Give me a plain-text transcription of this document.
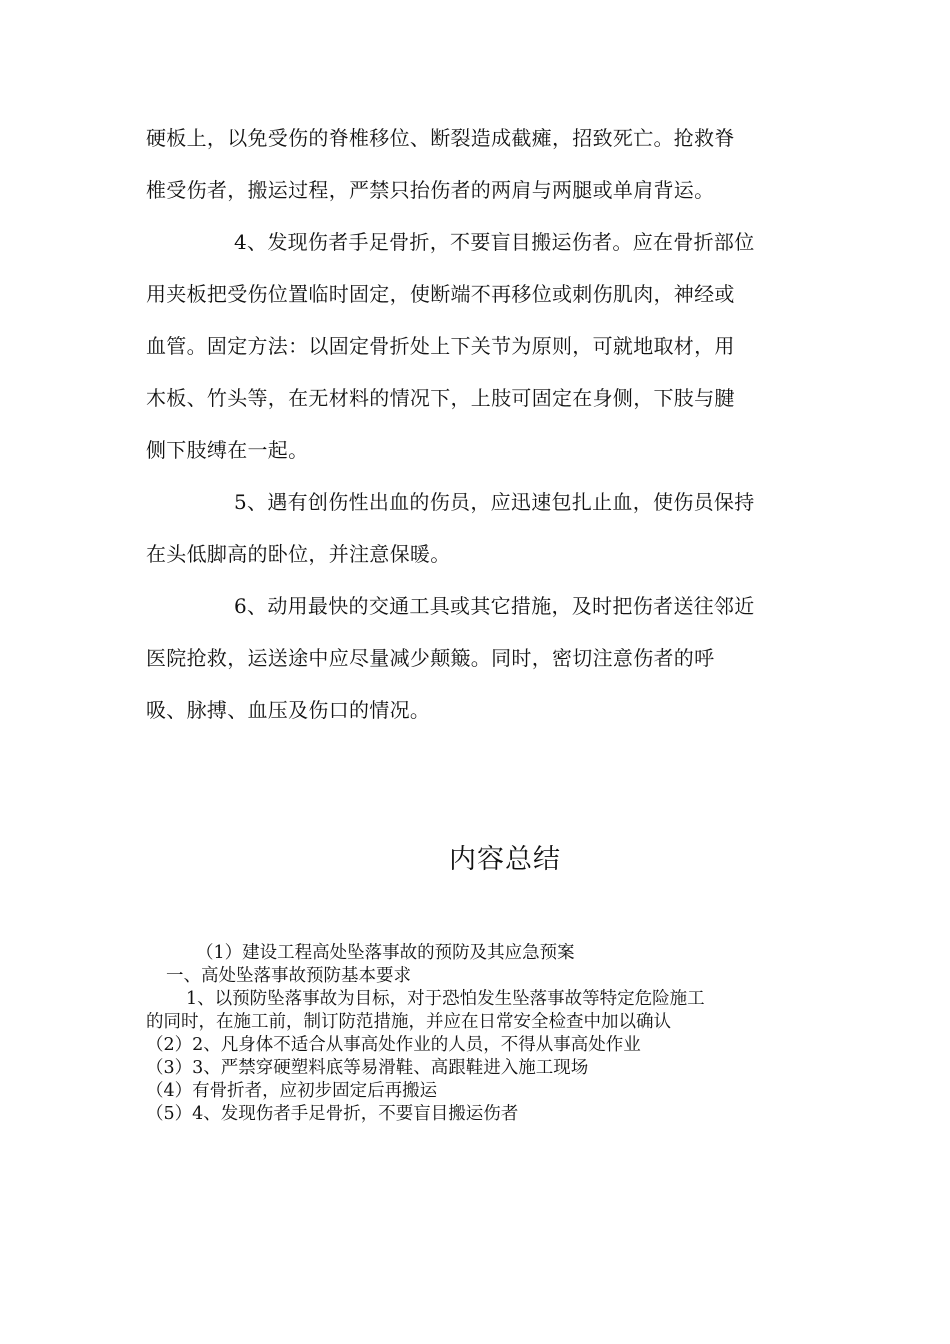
硬板上，以免受伤的脊椎移位、断裂造成截瘫，招致死亡。抢救脊
椎受伤者，搬运过程，严禁只抬伤者的两肩与两腿或单肩背运。
4、发现伤者手足骨折，不要盲目搬运伤者。应在骨折部位
用夹板把受伤位置临时固定，使断端不再移位或刺伤肌肉，神经或
血管。固定方法：以固定骨折处上下关节为原则，可就地取材，用
木板、竹头等，在无材料的情况下，上肢可固定在身侧，下肢与腱
侧下肢缚在一起。
5、遇有创伤性出血的伤员，应迅速包扎止血，使伤员保持
在头低脚高的卧位，并注意保暖。
6、动用最快的交通工具或其它措施，及时把伤者送往邻近
医院抢救，运送途中应尽量减少颠簸。同时，密切注意伤者的呼
吸、脉搏、血压及伤口的情况。
内容总结
（1）建设工程高处坠落事故的预防及其应急预案
一、高处坠落事故预防基本要求
1、以预防坠落事故为目标，对于恐怕发生坠落事故等特定危险施工
的同时，在施工前，制订防范措施，并应在日常安全检查中加以确认
（2）2、凡身体不适合从事高处作业的人员，不得从事高处作业
（3）3、严禁穿硬塑料底等易滑鞋、高跟鞋进入施工现场
（4）有骨折者，应初步固定后再搬运
（5）4、发现伤者手足骨折，不要盲目搬运伤者
